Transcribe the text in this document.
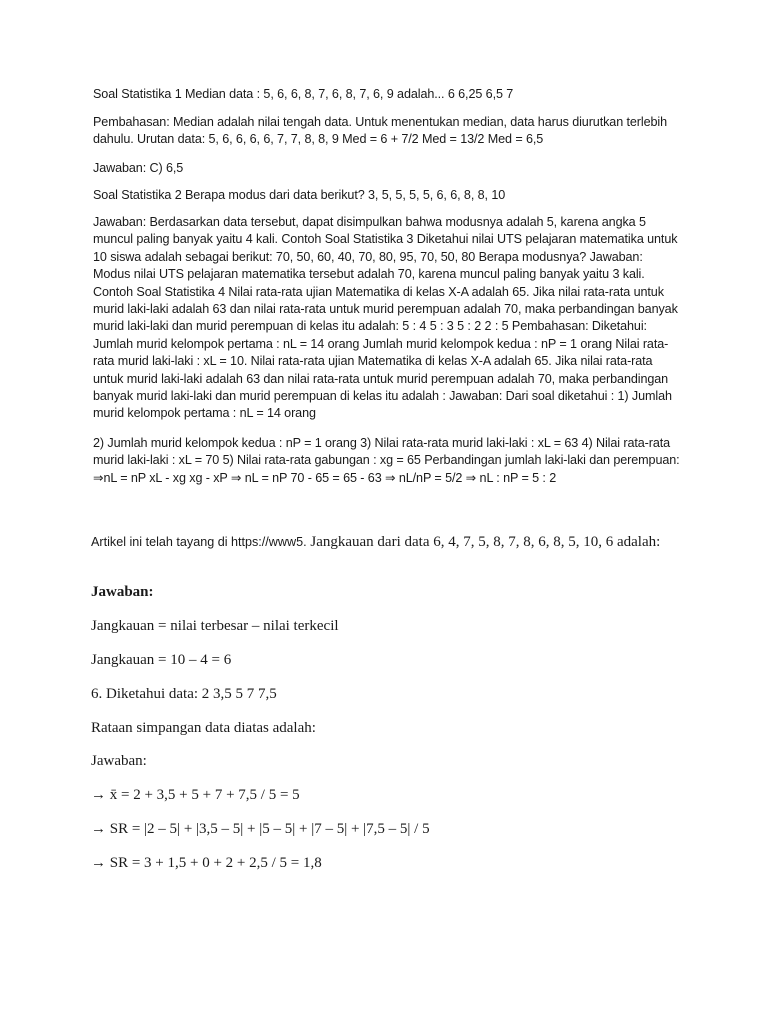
Soal Statistika 1 Median data : 5, 6, 6, 8, 7, 6, 8, 7, 6, 9 adalah... 6 6,25 6,5 7

Pembahasan: Median adalah nilai tengah data. Untuk menentukan median, data harus diurutkan terlebih dahulu. Urutan data: 5, 6, 6, 6, 6, 7, 7, 8, 8, 9 Med = 6 + 7/2 Med = 13/2 Med = 6,5

Jawaban: C) 6,5

Soal Statistika 2 Berapa modus dari data berikut? 3, 5, 5, 5, 5, 6, 6, 8, 8, 10

Jawaban: Berdasarkan data tersebut, dapat disimpulkan bahwa modusnya adalah 5, karena angka 5 muncul paling banyak yaitu 4 kali. Contoh Soal Statistika 3 Diketahui nilai UTS pelajaran matematika untuk 10 siswa adalah sebagai berikut: 70, 50, 60, 40, 70, 80, 95, 70, 50, 80 Berapa modusnya? Jawaban: Modus nilai UTS pelajaran matematika tersebut adalah 70, karena muncul paling banyak yaitu 3 kali. Contoh Soal Statistika 4 Nilai rata-rata ujian Matematika di kelas X-A adalah 65. Jika nilai rata-rata untuk murid laki-laki adalah 63 dan nilai rata-rata untuk murid perempuan adalah 70, maka perbandingan banyak murid laki-laki dan murid perempuan di kelas itu adalah: 5 : 4 5 : 3 5 : 2 2 : 5 Pembahasan: Diketahui: Jumlah murid kelompok pertama : nL = 14 orang Jumlah murid kelompok kedua : nP = 1 orang Nilai rata-rata murid laki-laki : xL = 10. Nilai rata-rata ujian Matematika di kelas X-A adalah 65. Jika nilai rata-rata untuk murid laki-laki adalah 63 dan nilai rata-rata untuk murid perempuan adalah 70, maka perbandingan banyak murid laki-laki dan murid perempuan di kelas itu adalah : Jawaban: Dari soal diketahui : 1) Jumlah murid kelompok pertama : nL = 14 orang

2) Jumlah murid kelompok kedua : nP = 1 orang 3) Nilai rata-rata murid laki-laki : xL = 63 4) Nilai rata-rata murid laki-laki : xL = 70 5) Nilai rata-rata gabungan : xg = 65 Perbandingan jumlah laki-laki dan perempuan: ⇒nL = nP xL - xg xg - xP ⇒ nL = nP 70 - 65 = 65 - 63 ⇒ nL/nP = 5/2 ⇒ nL : nP = 5 : 2

Artikel ini telah tayang di https://www5. Jangkauan dari data 6, 4, 7, 5, 8, 7, 8, 6, 8, 5, 10, 6 adalah:

Jawaban:

Jangkauan = nilai terbesar – nilai terkecil

Jangkauan = 10 – 4 = 6

6. Diketahui data: 2 3,5 5 7 7,5

Rataan simpangan data diatas adalah:

Jawaban:

→ x̄ = 2 + 3,5 + 5 + 7 + 7,5 / 5 = 5

→ SR = |2 – 5| + |3,5 – 5| + |5 – 5| + |7 – 5| + |7,5 – 5| / 5

→ SR = 3 + 1,5 + 0 + 2 + 2,5 / 5 = 1,8
